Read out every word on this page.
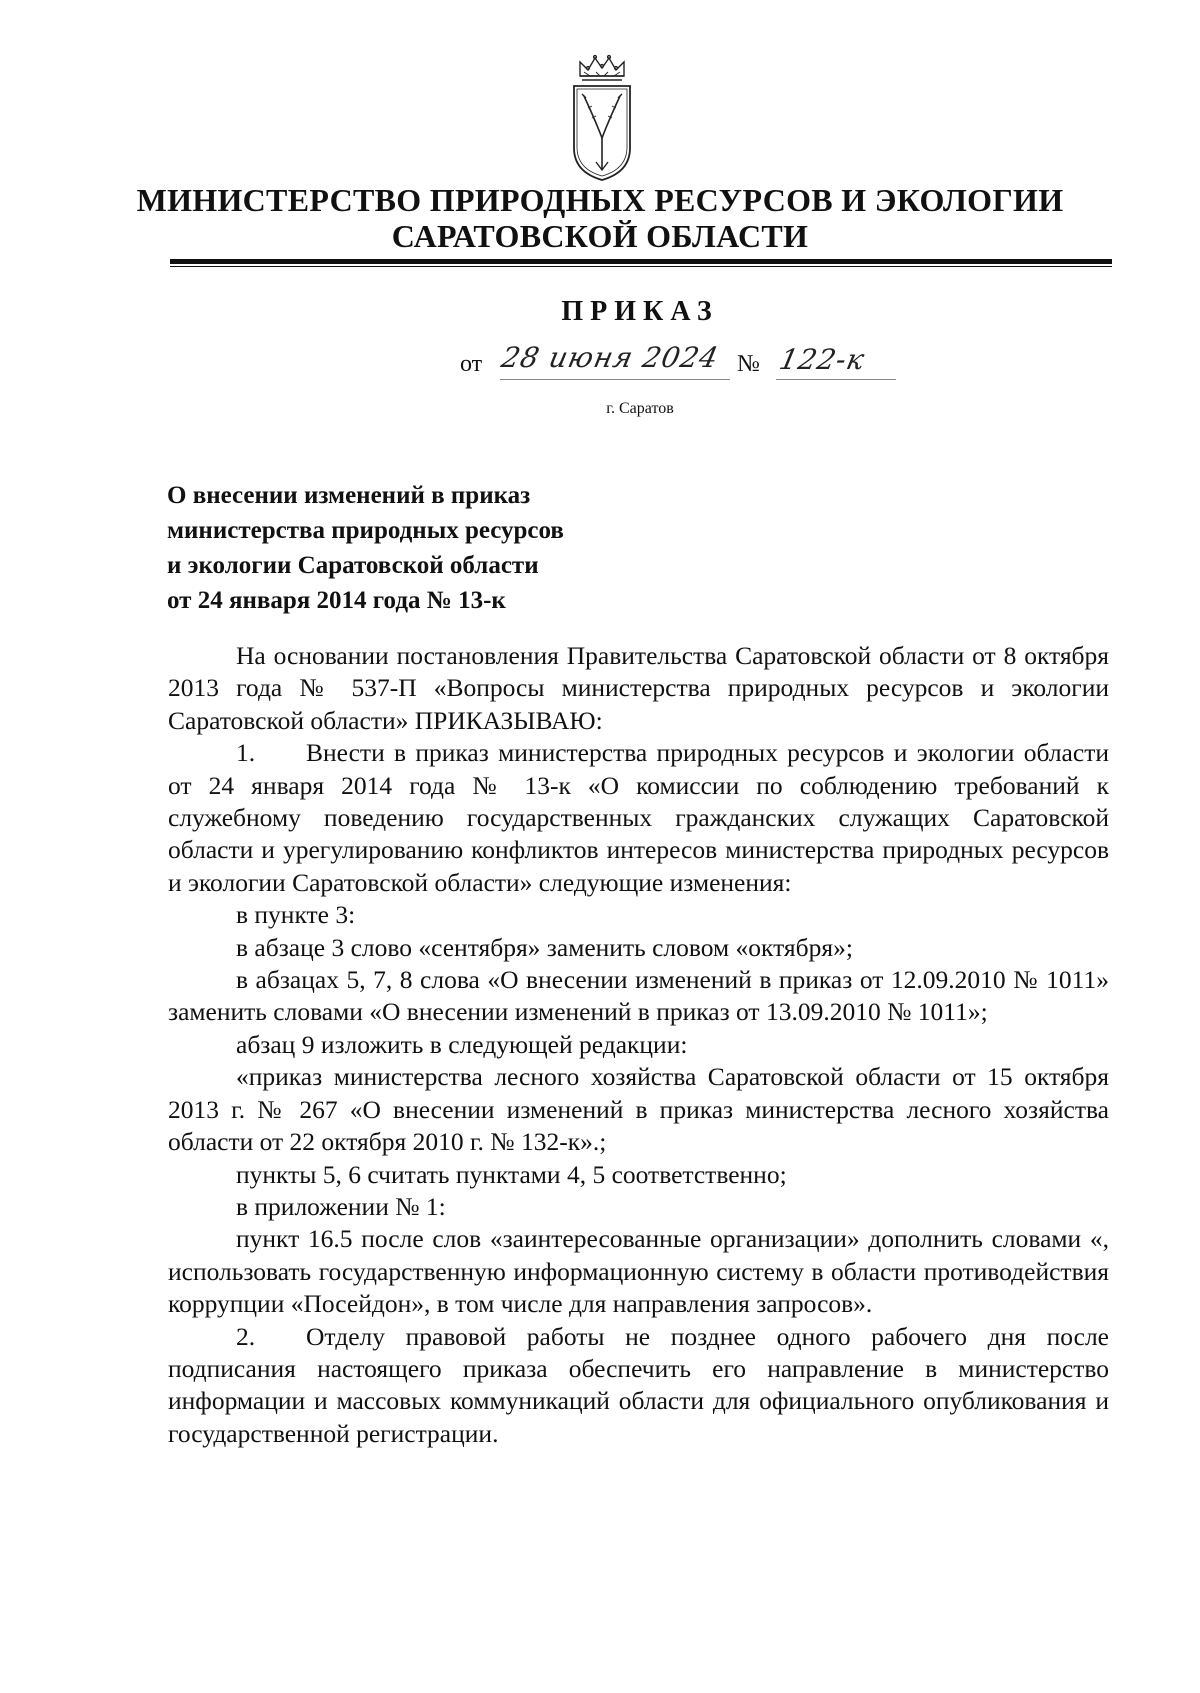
МИНИСТЕРСТВО ПРИРОДНЫХ РЕСУРСОВ И ЭКОЛОГИИ
САРАТОВСКОЙ ОБЛАСТИ
ПРИКАЗ
от 28 июня 2024 № 122-к
г. Саратов
О внесении изменений в приказ
министерства природных ресурсов
и экологии Саратовской области
от 24 января 2014 года № 13-к
На основании постановления Правительства Саратовской области от 8 октября 2013 года № 537-П «Вопросы министерства природных ресурсов и экологии Саратовской области» ПРИКАЗЫВАЮ:
1. Внести в приказ министерства природных ресурсов и экологии области от 24 января 2014 года № 13-к «О комиссии по соблюдению требований к служебному поведению государственных гражданских служащих Саратовской области и урегулированию конфликтов интересов министерства природных ресурсов и экологии Саратовской области» следующие изменения:
в пункте 3:
в абзаце 3 слово «сентября» заменить словом «октября»;
в абзацах 5, 7, 8 слова «О внесении изменений в приказ от 12.09.2010 № 1011» заменить словами «О внесении изменений в приказ от 13.09.2010 № 1011»;
абзац 9 изложить в следующей редакции:
«приказ министерства лесного хозяйства Саратовской области от 15 октября 2013 г. № 267 «О внесении изменений в приказ министерства лесного хозяйства области от 22 октября 2010 г. № 132-к».;
пункты 5, 6 считать пунктами 4, 5 соответственно;
в приложении № 1:
пункт 16.5 после слов «заинтересованные организации» дополнить словами «, использовать государственную информационную систему в области противодействия коррупции «Посейдон», в том числе для направления запросов».
2. Отделу правовой работы не позднее одного рабочего дня после подписания настоящего приказа обеспечить его направление в министерство информации и массовых коммуникаций области для официального опубликования и государственной регистрации.
